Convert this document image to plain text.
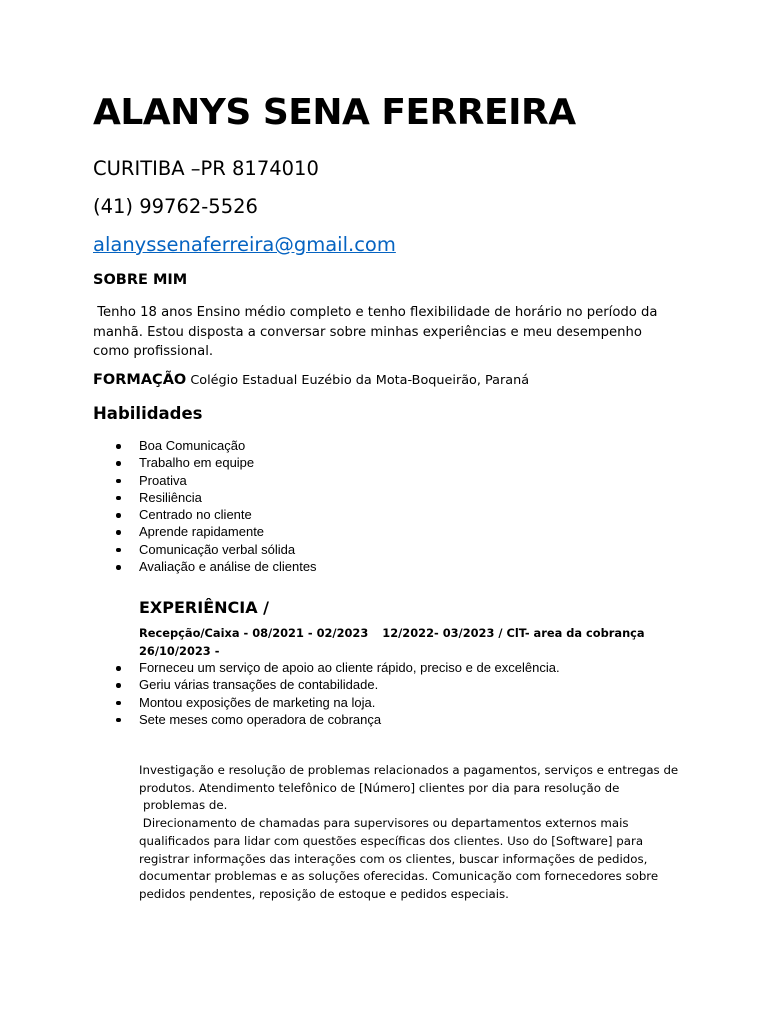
ALANYS SENA FERREIRA
CURITIBA –PR 8174010
(41) 99762-5526
alanyssenaferreira@gmail.com
SOBRE MIM
Tenho 18 anos Ensino médio completo e tenho flexibilidade de horário no período da manhã. Estou disposta a conversar sobre minhas experiências e meu desempenho como profissional.
FORMAÇÃO Colégio Estadual Euzébio da Mota-Boqueirão, Paraná
Habilidades
Boa Comunicação
Trabalho em equipe
Proativa
Resiliência
Centrado no cliente
Aprende rapidamente
Comunicação verbal sólida
Avaliação e análise de clientes
EXPERIÊNCIA /
Recepção/Caixa - 08/2021 - 02/2023 12/2022- 03/2023 / ClT- area da cobrança 26/10/2023 -
Forneceu um serviço de apoio ao cliente rápido, preciso e de excelência.
Geriu várias transações de contabilidade.
Montou exposições de marketing na loja.
Sete meses como operadora de cobrança

Investigação e resolução de problemas relacionados a pagamentos, serviços e entregas de produtos. Atendimento telefônico de [Número] clientes por dia para resolução de

problemas de.

Direcionamento de chamadas para supervisores ou departamentos externos mais qualificados para lidar com questões específicas dos clientes. Uso do [Software] para registrar informações das interações com os clientes, buscar informações de pedidos, documentar problemas e as soluções oferecidas. Comunicação com fornecedores sobre pedidos pendentes, reposição de estoque e pedidos especiais.
